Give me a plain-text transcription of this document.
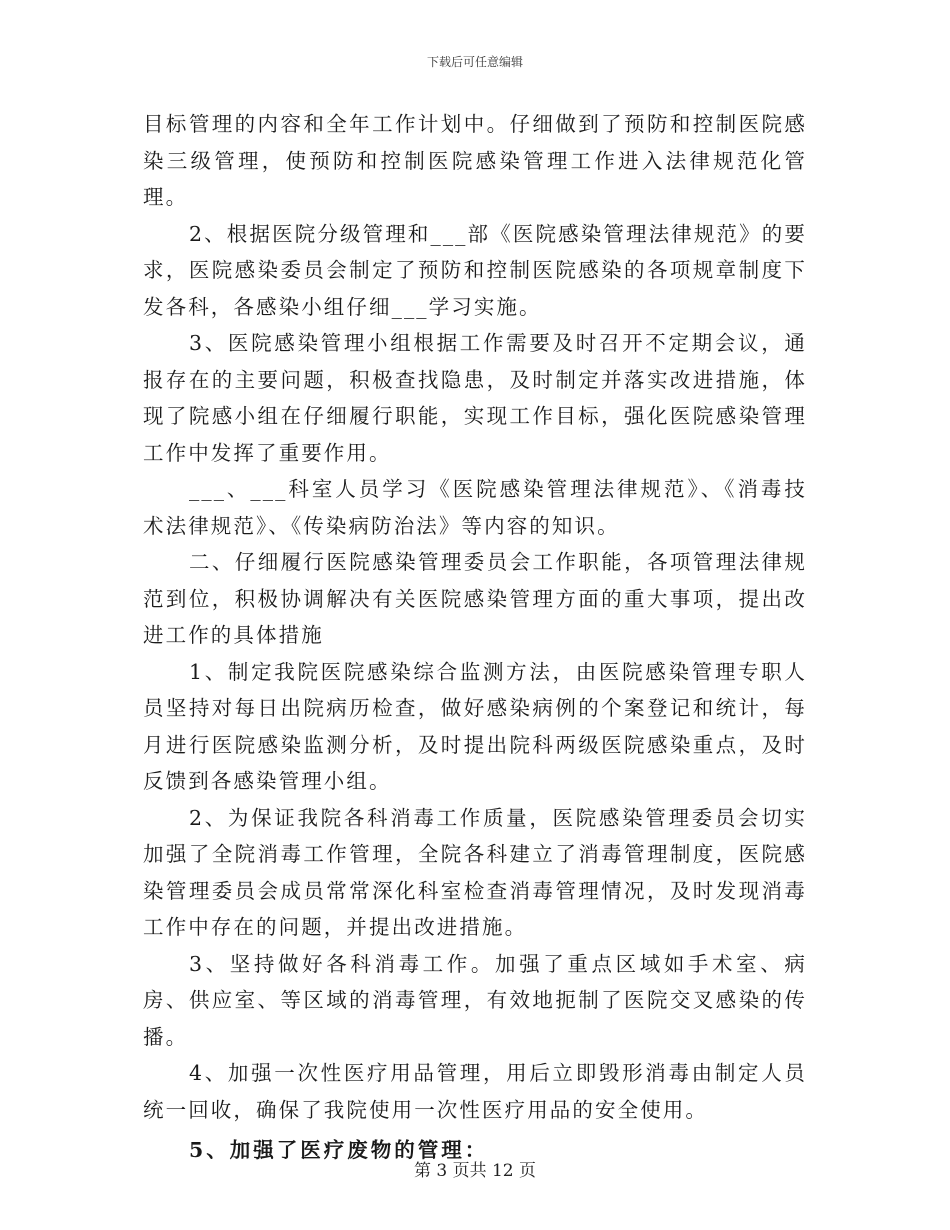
下载后可任意编辑

目标管理的内容和全年工作计划中。仔细做到了预防和控制医院感染三级管理，使预防和控制医院感染管理工作进入法律规范化管理。

2、根据医院分级管理和___部《医院感染管理法律规范》的要求，医院感染委员会制定了预防和控制医院感染的各项规章制度下发各科，各感染小组仔细___学习实施。

3、医院感染管理小组根据工作需要及时召开不定期会议，通报存在的主要问题，积极查找隐患，及时制定并落实改进措施，体现了院感小组在仔细履行职能，实现工作目标，强化医院感染管理工作中发挥了重要作用。

___、___科室人员学习《医院感染管理法律规范》、《消毒技术法律规范》、《传染病防治法》等内容的知识。

二、仔细履行医院感染管理委员会工作职能，各项管理法律规范到位，积极协调解决有关医院感染管理方面的重大事项，提出改进工作的具体措施

1、制定我院医院感染综合监测方法，由医院感染管理专职人员坚持对每日出院病历检查，做好感染病例的个案登记和统计，每月进行医院感染监测分析，及时提出院科两级医院感染重点，及时反馈到各感染管理小组。

2、为保证我院各科消毒工作质量，医院感染管理委员会切实加强了全院消毒工作管理，全院各科建立了消毒管理制度，医院感染管理委员会成员常常深化科室检查消毒管理情况，及时发现消毒工作中存在的问题，并提出改进措施。

3、坚持做好各科消毒工作。加强了重点区域如手术室、病房、供应室、等区域的消毒管理，有效地扼制了医院交叉感染的传播。

4、加强一次性医疗用品管理，用后立即毁形消毒由制定人员统一回收，确保了我院使用一次性医疗用品的安全使用。

5、加强了医疗废物的管理：

第 3 页共 12 页
